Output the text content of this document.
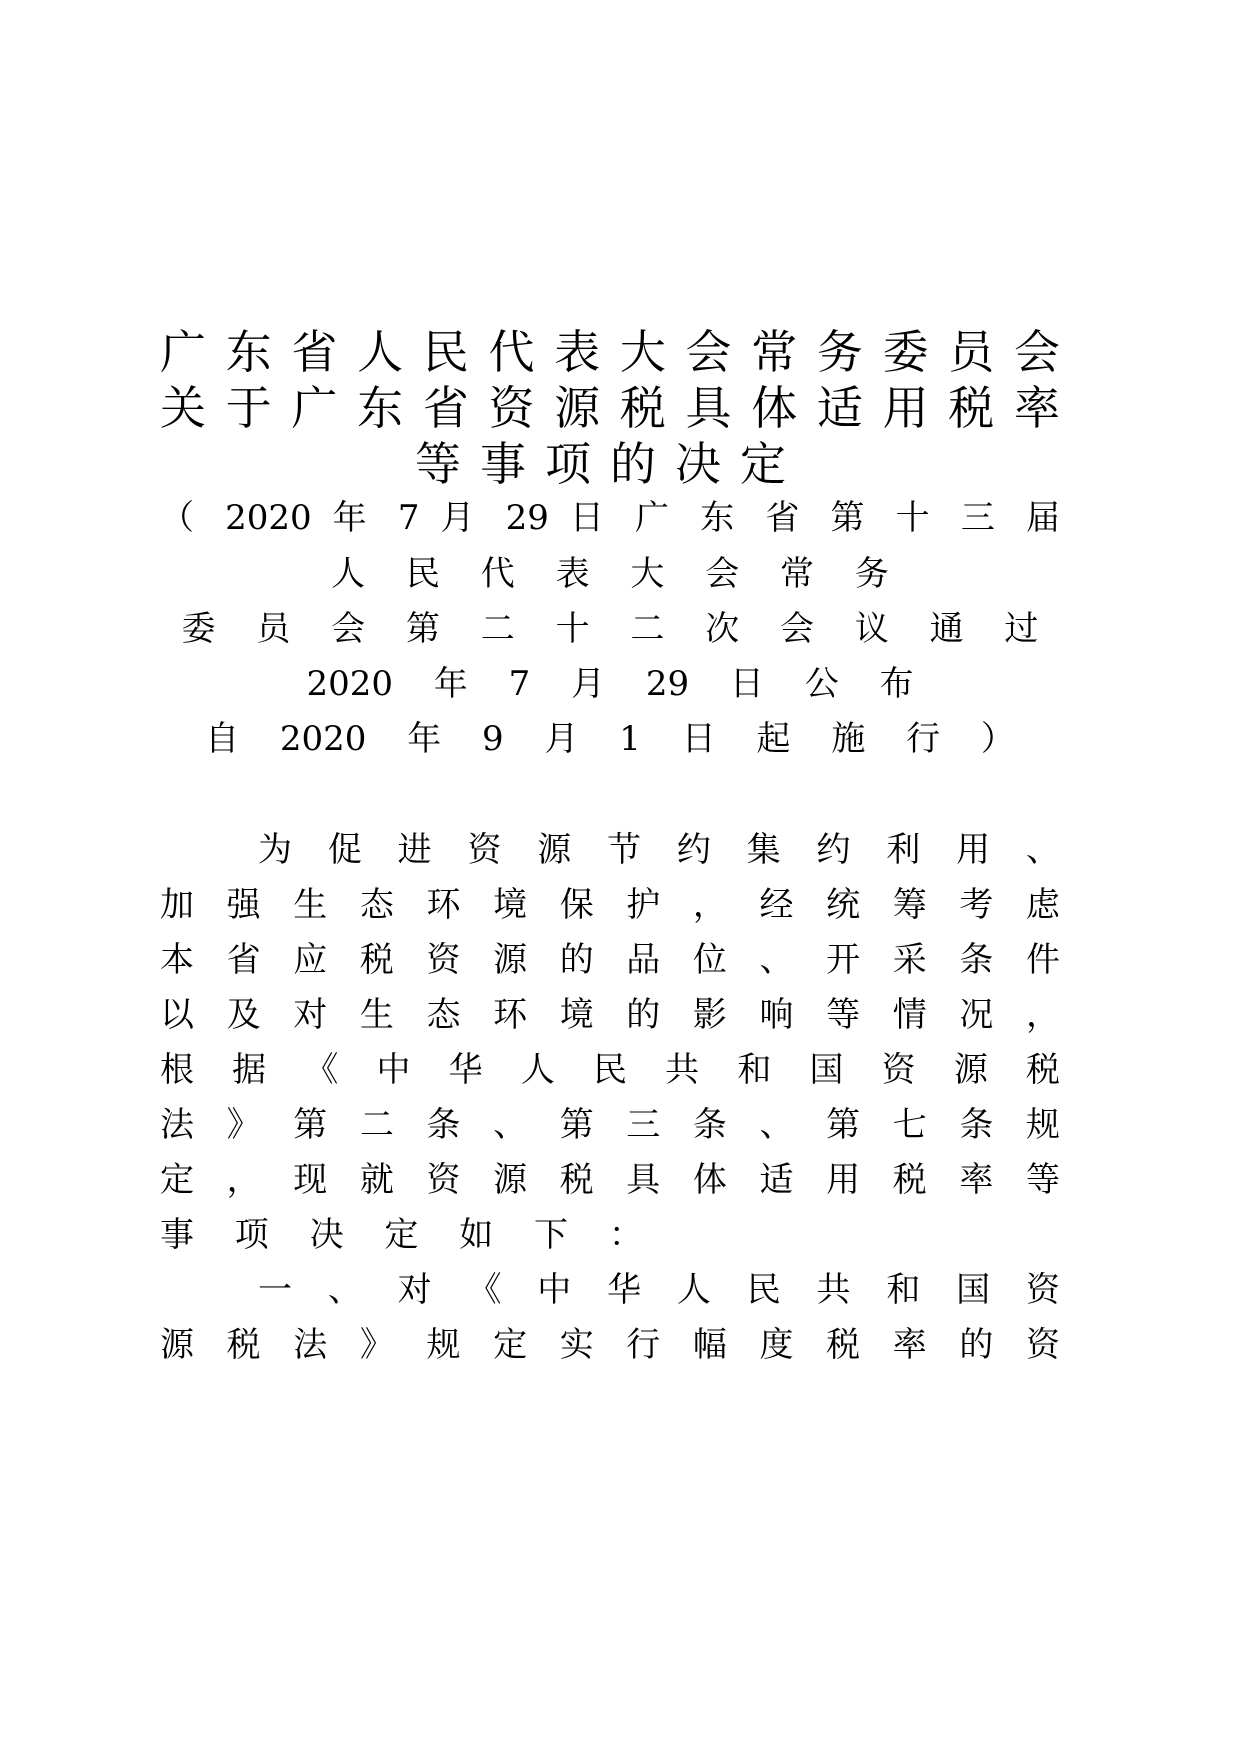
广东省人民代表大会常务委员会
关于广东省资源税具体适用税率
等事项的决定
（ 2020 年 7 月 29 日 广 东 省 第 十 三 届
人 民 代 表 大 会 常 务
委 员 会 第 二 十 二 次 会 议 通 过
2020 年 7 月 29 日 公 布
自 2020 年 9 月 1 日 起 施 行 ）
为 促 进 资 源 节 约 集 约 利 用 、
加 强 生 态 环 境 保 护 ， 经 统 筹 考 虑
本 省 应 税 资 源 的 品 位 、 开 采 条 件
以 及 对 生 态 环 境 的 影 响 等 情 况 ，
根 据 《 中 华 人 民 共 和 国 资 源 税
法 》 第 二 条 、 第 三 条 、 第 七 条 规
定 ， 现 就 资 源 税 具 体 适 用 税 率 等
事 项 决 定 如 下 ：
一 、 对 《 中 华 人 民 共 和 国 资
源 税 法 》 规 定 实 行 幅 度 税 率 的 资
